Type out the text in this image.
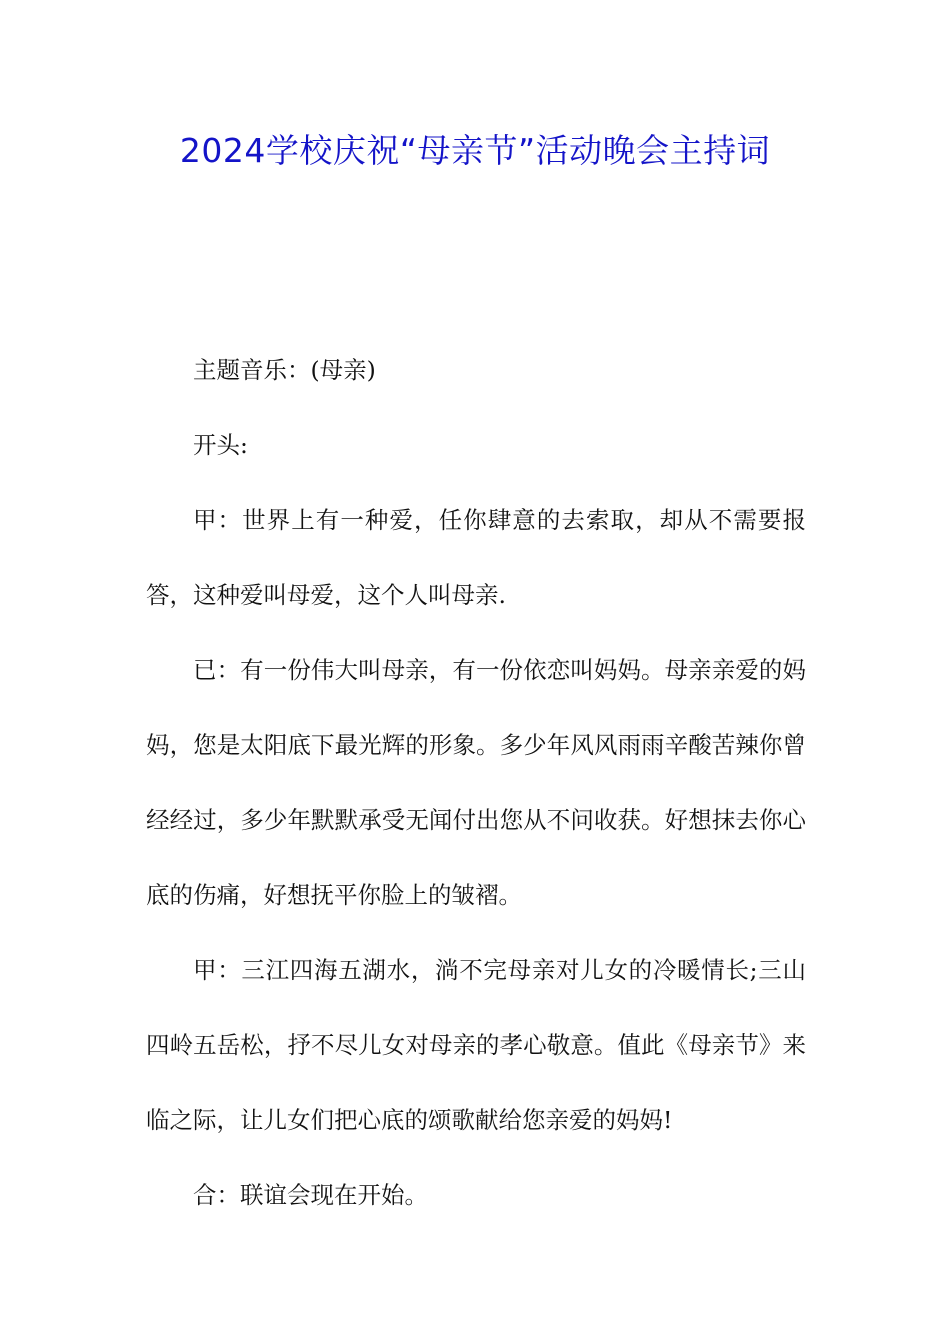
2024学校庆祝“母亲节”活动晚会主持词

主题音乐：(母亲)

开头:

甲：世界上有一种爱，任你肆意的去索取，却从不需要报答，这种爱叫母爱，这个人叫母亲.

已：有一份伟大叫母亲，有一份依恋叫妈妈。母亲亲爱的妈妈，您是太阳底下最光辉的形象。多少年风风雨雨辛酸苦辣你曾经经过，多少年默默承受无闻付出您从不问收获。好想抹去你心底的伤痛，好想抚平你脸上的皱褶。

甲：三江四海五湖水，淌不完母亲对儿女的冷暖情长;三山四岭五岳松，抒不尽儿女对母亲的孝心敬意。值此《母亲节》来临之际，让儿女们把心底的颂歌献给您亲爱的妈妈!

合：联谊会现在开始。
